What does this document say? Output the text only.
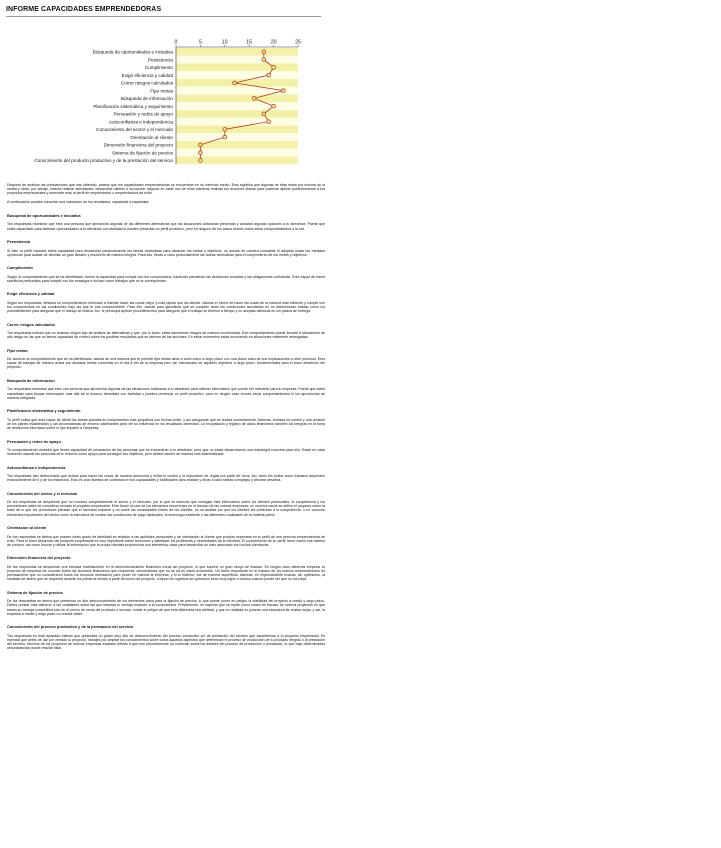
INFORME CAPACIDADES EMPRENDEDORAS
0	5	10	15	20	25
Búsqueda de oportunidades e iniciativa
Persistencia
Cumplimiento
Exigir eficiencia y calidad
Correr riesgos calculados
Fijar metas
Búsqueda de información
Planificación sistemática y seguimiento
Persuasión y redes de apoyo
Autoconfianza e independencia
Conocimiento del sector y el mercado
Orientación al cliente
Dimensión financiera del proyecto
Sistema de fijación de precios
Conocimiento del producto productivo y de la prestación del servicio

Después de analizar las puntuaciones que has obtenido, parece que tus capacidades emprendedoras se encuentran en un intervalo medio. Esto significa que algunas de ellas están por encima de la media y otras, por debajo. Intenta realizar actividades, desarrollar hábitos e incorporar mejoras en cada uno de ellas mientras realizas tus acciones diarias para poderlas aplicar posteriormente a tus proyectos empresariales y acercarte más al perfil de emprendedor o emprendedora de éxito.

A continuación puedes consultar una valoración de tus resultados, capacidad a capacidad.

Búsqueda de oportunidades e iniciativa

Tus respuestas muestran que eres una persona que aprovecha algunas de las diferentes alternativas que las situaciones cotidianas presentan y analizas algunas opciones a tu alrededor. Puede que estés capacitado para detectar oportunidades a tu alrededor con facilidad si puedes presentar un perfil proactivo, pero en ninguno de los casos reúnes todos estos comportamientos a la vez.

Persistencia

Si bien tu perfil muestra cierta capacidad para desarrollar personalmente las tareas necesarias para alcanzar tus metas y objetivos, no actúas de manera constante ni adoptas todas las medidas oportunas para acabar de afrontar un gran desafío y resolverlo de manera integral. Para ello, llevas a cabo personalmente las tareas necesarias para el cumplimiento de tus metas y objetivos.

Cumplimiento

Según el comportamiento que se ha identificado, tienes la capacidad para cumplir con tus compromisos, haciendo prevalecer las decisiones tomadas y las obligaciones contraídas. Eres capaz de hacer sacrificios personales para cumplir con tus encargos e incluso hacer trabajos que no te corresponden.

Exigir eficiencia y calidad

Según tus respuestas, destaca un comportamiento enfocado a intentar hacer las cosas mejor y más rápido que los demás. Valoras el hecho de hacer las cosas de la manera más eficiente y cumplir con tus compromisos en las condiciones bajo las que te has comprometido. Para ello, actúas para garantizar que se cumplen tanto las condiciones acordadas en un determinado trabajo como los procedimientos para asegurar que el trabajo se realiza. Así, te preocupa aplicar procedimientos para asegurar que el trabajo se termine a tiempo y no aceptas demoras en los plazos de entrega.

Correr riesgos calculados

Tus respuestas indican que no realizas ningún tipo de análisis de alternativas y que, por lo tanto, estás asumiendo riesgos de manera incontrolada. Ese comportamiento puede llevarte a situaciones de alto riesgo en las que no tienes capacidad de control sobre los posibles resultados que se deriven de tus acciones. En estos momentos estás incurriendo en situaciones realmente arriesgadas.

Fijar metas

De acuerdo al comportamiento que se ha identificado, actúas de una manera que te permite fijar metas tanto a corto como a largo plazo con una visión clara de sus implicaciones a nivel personal. Eres capaz de trabajar de manera activa por alcanzar metas concretas en el día a día de la empresa pero sin menoscabo de aquellos objetivos a largo plazo, fundamentales para el buen desarrollo del proyecto.

Búsqueda de información

Tus respuestas muestran que eres una persona que aprovecha algunas de las situaciones cotidianas a tu alrededor para obtener información que puede ser relevante para tu empresa. Puede que estés capacitado para buscar información más allá de tu entorno inmediato con facilidad o puedes presentar un perfil proactivo, pero en ningún caso reúnes estos comportamientos ni los aprovechas de manera integrada.

Planificación sistemática y seguimiento

Tu perfil indica que eres capaz de dividir las tareas grandes en componentes más pequeños con fechas límite, y así asegurarte que se realiza correctamente. Además, realizas un control y una revisión de los planes establecidos y las circunstancias de entorno cambiantes para ver su influencia en los resultados obtenidos. La recopilación y registro de datos financieros también los integras en la toma de decisiones informado sobre el tipo impacto a l'empresa.

Persuasión y redes de apoyo

Tu comportamiento muestra que tienes capacidad de persuasión de las personas que se encuentran a tu alrededor, pero que no estás desarrollando una estrategia concreta para ello. Estás en cada momento usando las personas de tu entorno como apoyo para conseguir tus objetivos, pero debes hacerlo de manera más sistematizada.

Autoconfianza e independencia

Tus respuestas han determinado que actúas para hacer las cosas de manera autónoma y evitar el control y la imposición de reglas por parte de otros. Así, tanto tus éxitos como fracasos dependen exclusivamente de ti y de tus esfuerzos. Esto es una muestra de confianza en tus capacidades y habilidades para realizar y llevar a cabo tareas complejas y afrontar desafíos.

Conocimiento del sector y el mercado

De tus respuestas se desprende que no conoces completamente el sector y el mercado, por lo que es esencial que consigas más información sobre los clientes potenciales, la competencia y los proveedores antes de considerar cerrado el proyecto empresarial. Este factor es uno de los elementos recurrentes en el fracaso de las nuevas empresas; en muchos casos se define el proyecto sobre la base de lo que los promotores piensan que el mercado requiere y no sobre las necesidades reales de los clientes; no se analiza por qué los clientes les preferirán a la competencia, o no conocen elementos importantes del sector como la estructura de costes, las condiciones de pago habituales, la tecnología existente o las diferentes cualidades de la materia prima.

Orientación al cliente

De tus respuestas se deriva que posees cierto grado de debilidad en relación a las aptitudes personales y de orientación al cliente que podrían esperarse en el perfil de una persona emprendedora de éxito. Para el buen desarrollo del proyecto empresarial es muy importante saber reconocer y satisfacer los problemas y necesidades de la clientela. El conocimiento de su perfil, tener claros sus hábitos de compra, así como buscar y utilizar la información que la propia clientela proporciona son elementos clave para desarrollar un trato adecuado con los/las clientes/as.

Dimensión financiera del proyecto

De tus respuestas se desprende una elevada incertidumbre en el dimensionamiento financiero inicial del proyecto, lo que supone un gran riesgo de fracaso. En ningún caso deberías empezar tu proyecto de empresa sin conocer todos los recursos financieros que requerirás, circunstancia que no se da en estos momentos. Un factor importante en el fracaso de los nuevos emprendedores es precisamente que no consideraron todos los recursos necesarios para poner en marcha la empresa, y si lo hicieron, fue de manera superficial. Además, es imprescindible evaluar, sin optimismo, la cantidad de dinero que se requerirá durante los primeros meses a partir del inicio del proyecto, cuando los ingresos de operación sean muy bajos o incluso cuando puede ser que no los haya.

Sistema de fijación de precios

De tus respuestas se deriva que presentas un alto desconocimiento de los elementos clave para la fijación de precios, lo que puede poner en peligro la viabilidad del proyecto a medio y largo plazo. Debes prestar más atención a las cualidades sobre las que basarás tu ventaja respecto a la competencia. Previamente, un aspecto que se repite como causa de fracaso de nuevos proyectos es que basan su ventaja competitiva sólo en el precio de venta del producto o servicio: existe el peligro de que esta diferencia sea artificial, y que en realidad no posean una estructura de costes mejor, y así, la empresa a medio y largo plazo no resulta viable.

Conocimiento del proceso productivo y de la prestación del servicio

Tus respuestas en este apartado indican que presentas un grado muy alto de desconocimiento del proceso productivo y/o de prestación del servicio que caracterizan a tu proyecto empresarial. Es esencial que antes de dar por cerrado tu proyecto, trabajes por ampliar tus conocimientos sobre todos aquellos aspectos que determinan el proceso de producción de tu producto elegido o la prestación del servicio. Muchos de los proyectos de nuevas empresas fracasan debido a que sus promotores/as no controlan todos los detalles del proceso de producción o prestación, lo que bajo determinadas circunstancias puede resultar fatal.
